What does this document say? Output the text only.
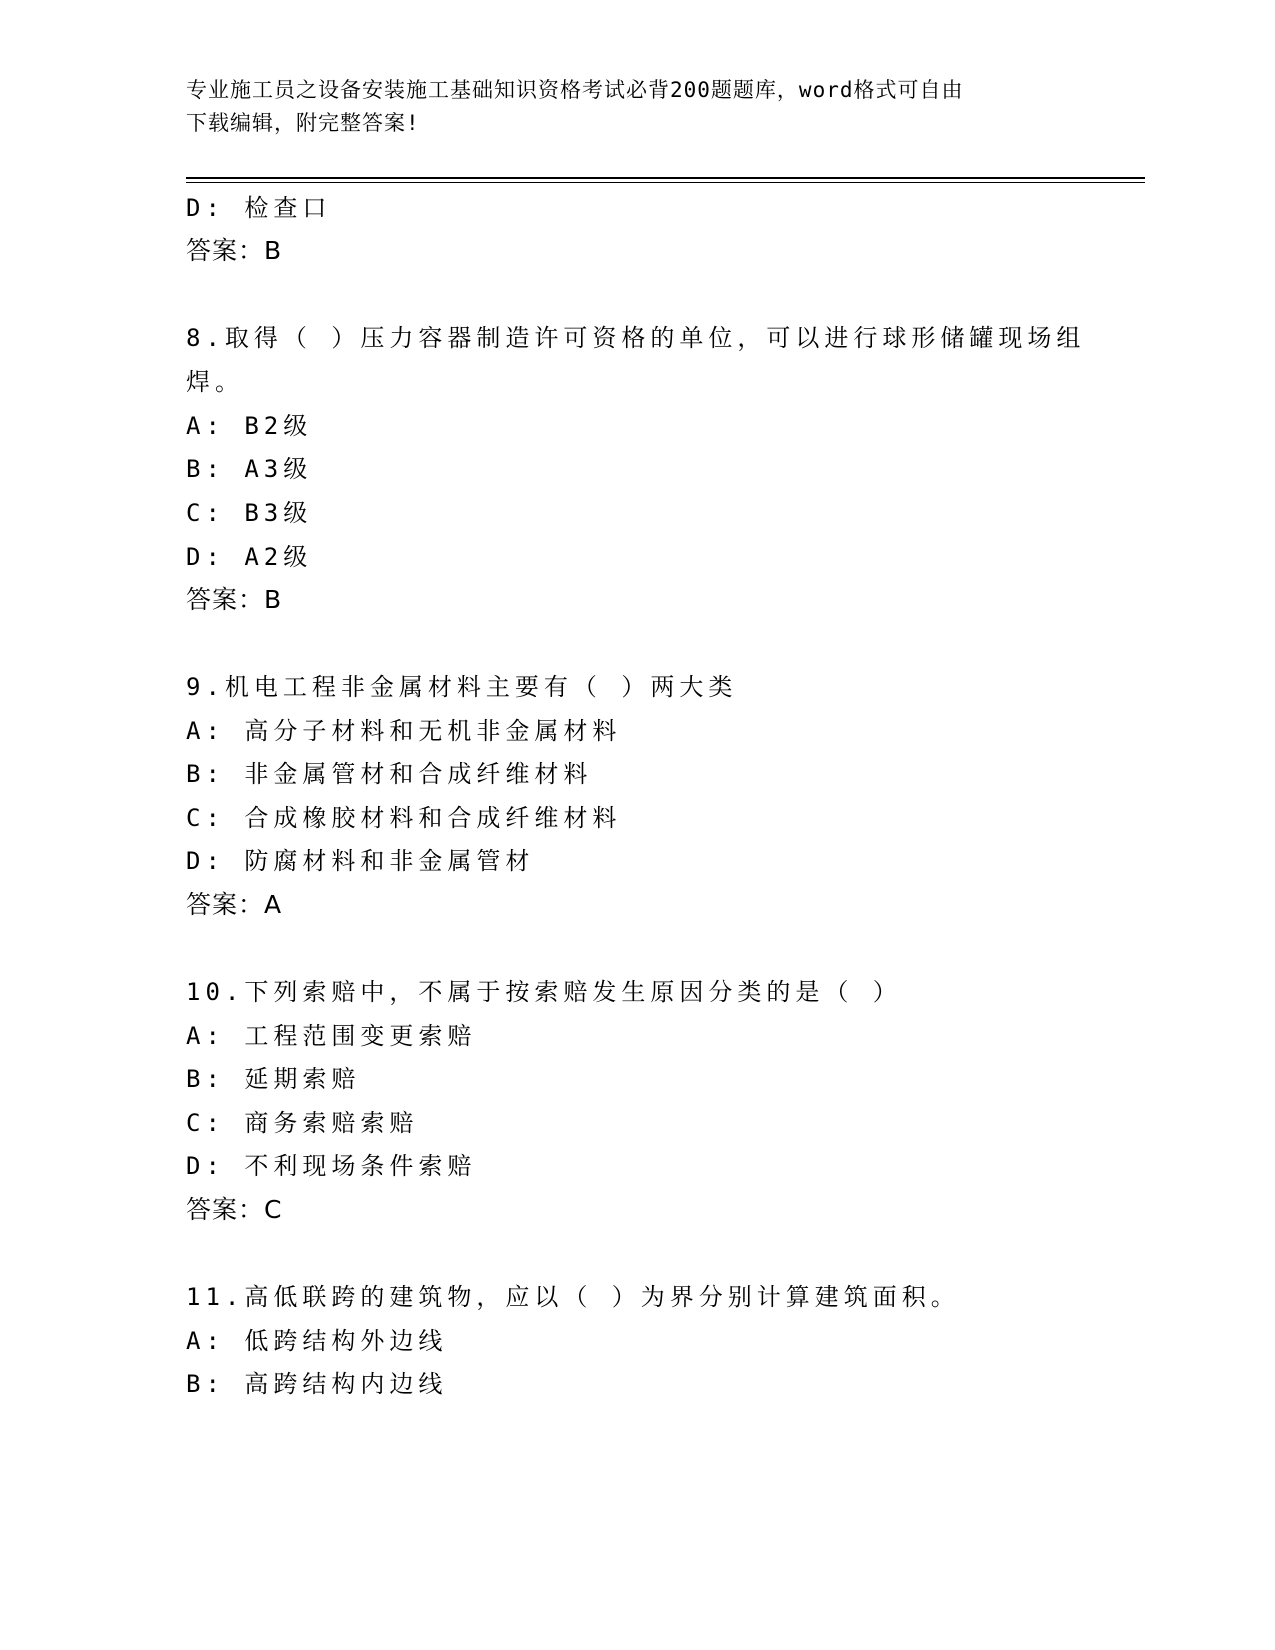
专业施工员之设备安装施工基础知识资格考试必背200题题库，word格式可自由
下载编辑，附完整答案!
D: 检查口
答案：B
8.取得（ ）压力容器制造许可资格的单位，可以进行球形储罐现场组
焊。
A: B2级
B: A3级
C: B3级
D: A2级
答案：B
9.机电工程非金属材料主要有（ ）两大类
A: 高分子材料和无机非金属材料
B: 非金属管材和合成纤维材料
C: 合成橡胶材料和合成纤维材料
D: 防腐材料和非金属管材
答案：A
10.下列索赔中，不属于按索赔发生原因分类的是（ ）
A: 工程范围变更索赔
B: 延期索赔
C: 商务索赔索赔
D: 不利现场条件索赔
答案：C
11.高低联跨的建筑物，应以（ ）为界分别计算建筑面积。
A: 低跨结构外边线
B: 高跨结构内边线
